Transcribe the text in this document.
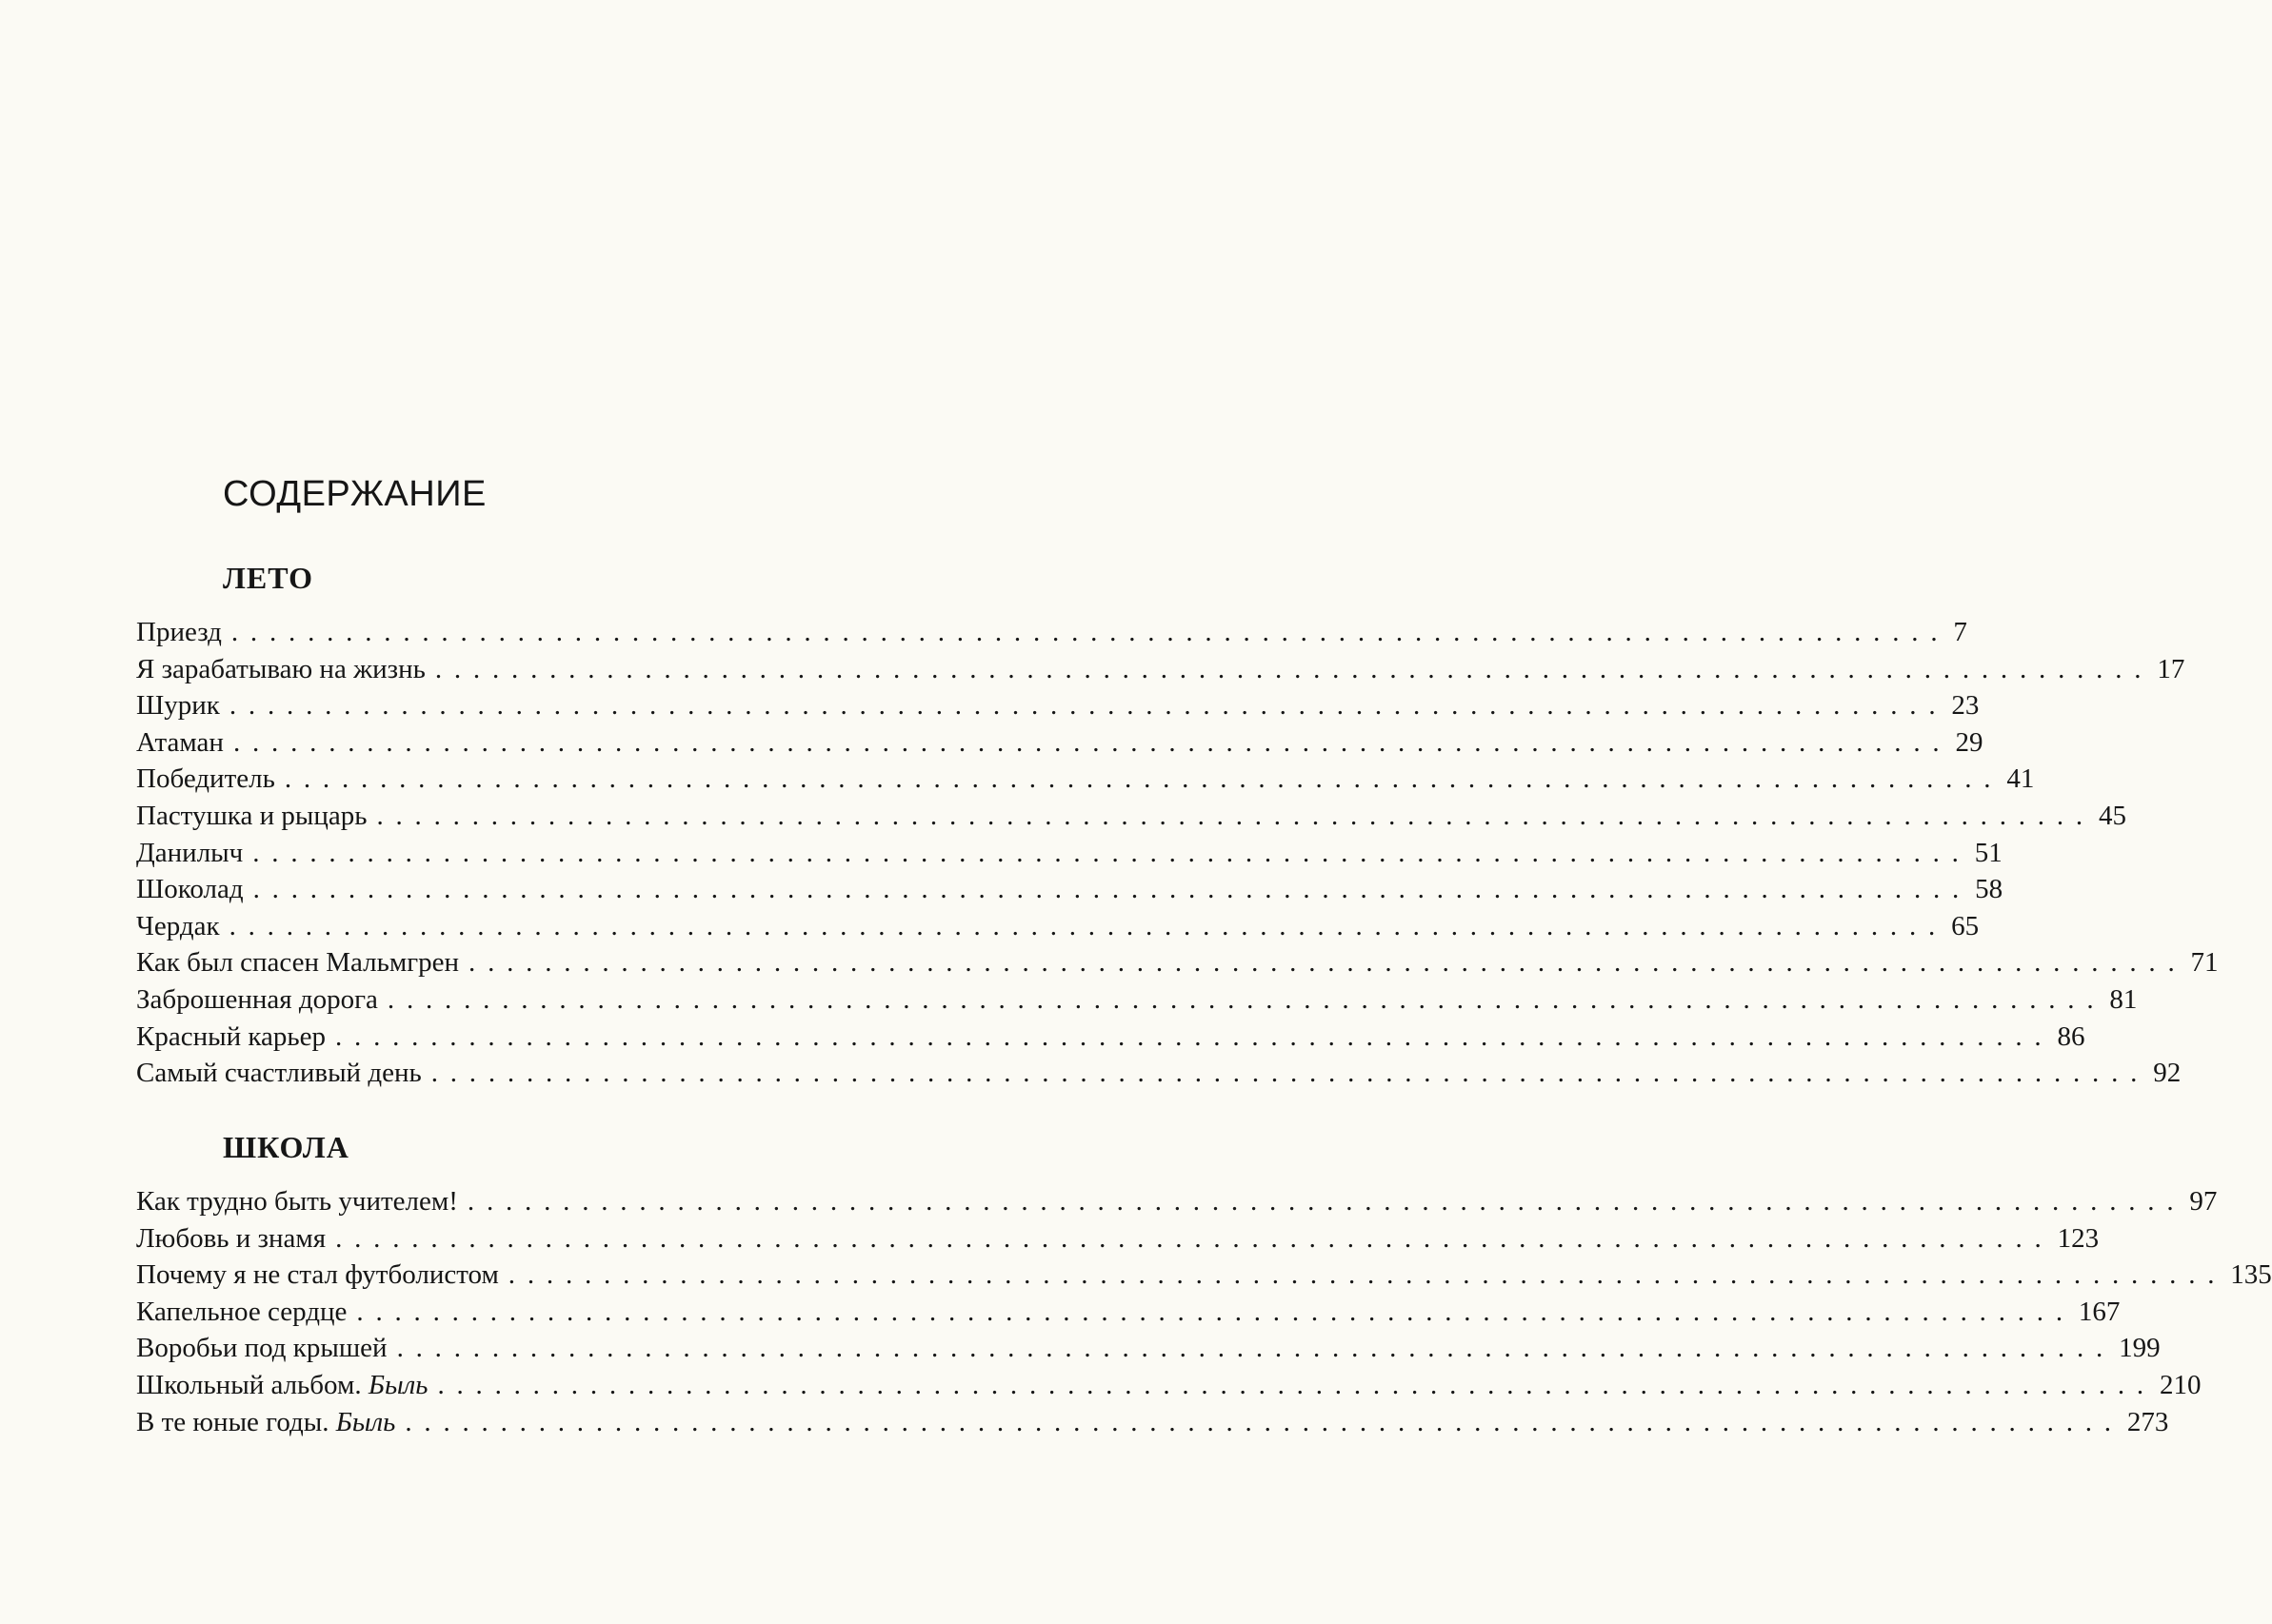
СОДЕРЖАНИЕ
ЛЕТО
Приезд .......................................................................................... 7
Я зарабатываю на жизнь .......................................................................................... 17
Шурик .......................................................................................... 23
Атаман .......................................................................................... 29
Победитель .......................................................................................... 41
Пастушка и рыцарь .......................................................................................... 45
Данилыч .......................................................................................... 51
Шоколад .......................................................................................... 58
Чердак .......................................................................................... 65
Как был спасен Мальмгрен .......................................................................................... 71
Заброшенная дорога .......................................................................................... 81
Красный карьер .......................................................................................... 86
Самый счастливый день .......................................................................................... 92
ШКОЛА
Как трудно быть учителем! .......................................................................................... 97
Любовь и знамя .......................................................................................... 123
Почему я не стал футболистом .......................................................................................... 135
Капельное сердце .......................................................................................... 167
Воробьи под крышей .......................................................................................... 199
Школьный альбом. Быль .......................................................................................... 210
В те юные годы. Быль .......................................................................................... 273
